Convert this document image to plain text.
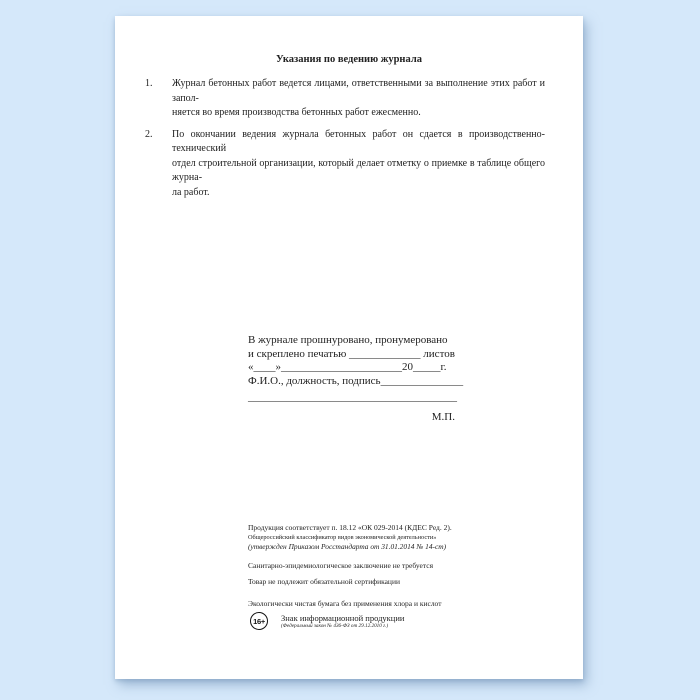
Указания по ведению журнала
1.	Журнал бетонных работ ведется лицами, ответственными за выполнение этих работ и запол-
няется во время производства бетонных работ ежесменно.
2.	По окончании ведения журнала бетонных работ он сдается в производственно-технический
отдел строительной организации, который делает отметку о приемке в таблице общего журна-
ла работ.
В журнале прошнуровано, пронумеровано
и скреплено печатью _____________ листов
«____»______________________20_____г.
Ф.И.О., должность, подпись_______________
______________________________________
М.П.
Продукция соответствует п. 18.12 «ОК 029-2014 (КДЕС Ред. 2).
Общероссийский классификатор видов экономической деятельности»
(утвержден Приказом Росстандарта от 31.01.2014 № 14-ст)
Санитарно-эпидемиологическое заключение не требуется
Товар не подлежит обязательной сертификации
Экологически чистая бумага без применения хлора и кислот
16+	Знак информационной продукции
(Федеральный закон № 436-ФЗ от 29.12.2010 г.)
